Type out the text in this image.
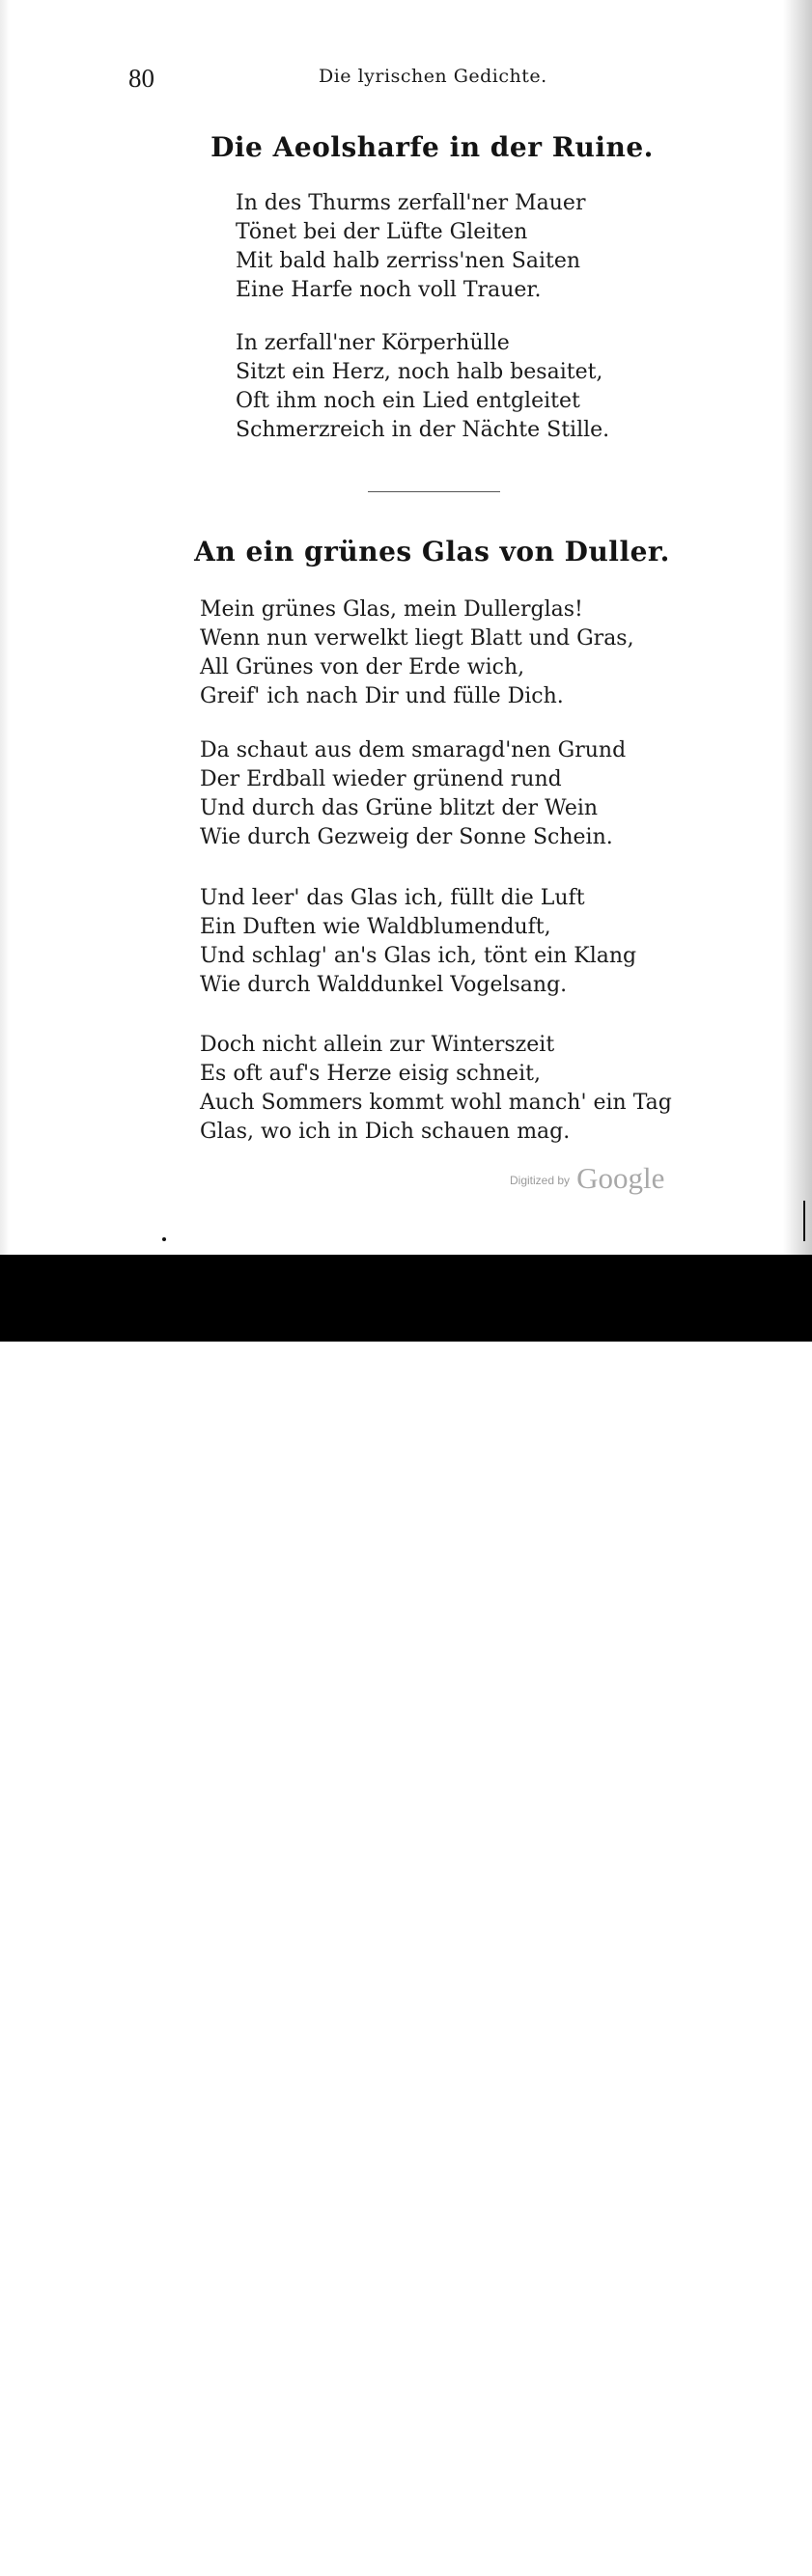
80	Die lyrischen Gedichte.
Die Aeolsharfe in der Ruine.
In des Thurms zerfall'ner Mauer
Tönet bei der Lüfte Gleiten
Mit bald halb zerriss'nen Saiten
Eine Harfe noch voll Trauer.
In zerfall'ner Körperhülle
Sitzt ein Herz, noch halb besaitet,
Oft ihm noch ein Lied entgleitet
Schmerzreich in der Nächte Stille.
An ein grünes Glas von Duller.
Mein grünes Glas, mein Dullerglas!
Wenn nun verwelkt liegt Blatt und Gras,
All Grünes von der Erde wich,
Greif' ich nach Dir und fülle Dich.
Da schaut aus dem smaragd'nen Grund
Der Erdball wieder grünend rund
Und durch das Grüne blitzt der Wein
Wie durch Gezweig der Sonne Schein.
Und leer' das Glas ich, füllt die Luft
Ein Duften wie Waldblumenduft,
Und schlag' an's Glas ich, tönt ein Klang
Wie durch Walddunkel Vogelsang.
Doch nicht allein zur Winterszeit
Es oft auf's Herze eisig schneit,
Auch Sommers kommt wohl manch' ein Tag
Glas, wo ich in Dich schauen mag.
$^{Digitized by}$ Google
alamy	Image ID: KWJK7C
www.alamy.com
